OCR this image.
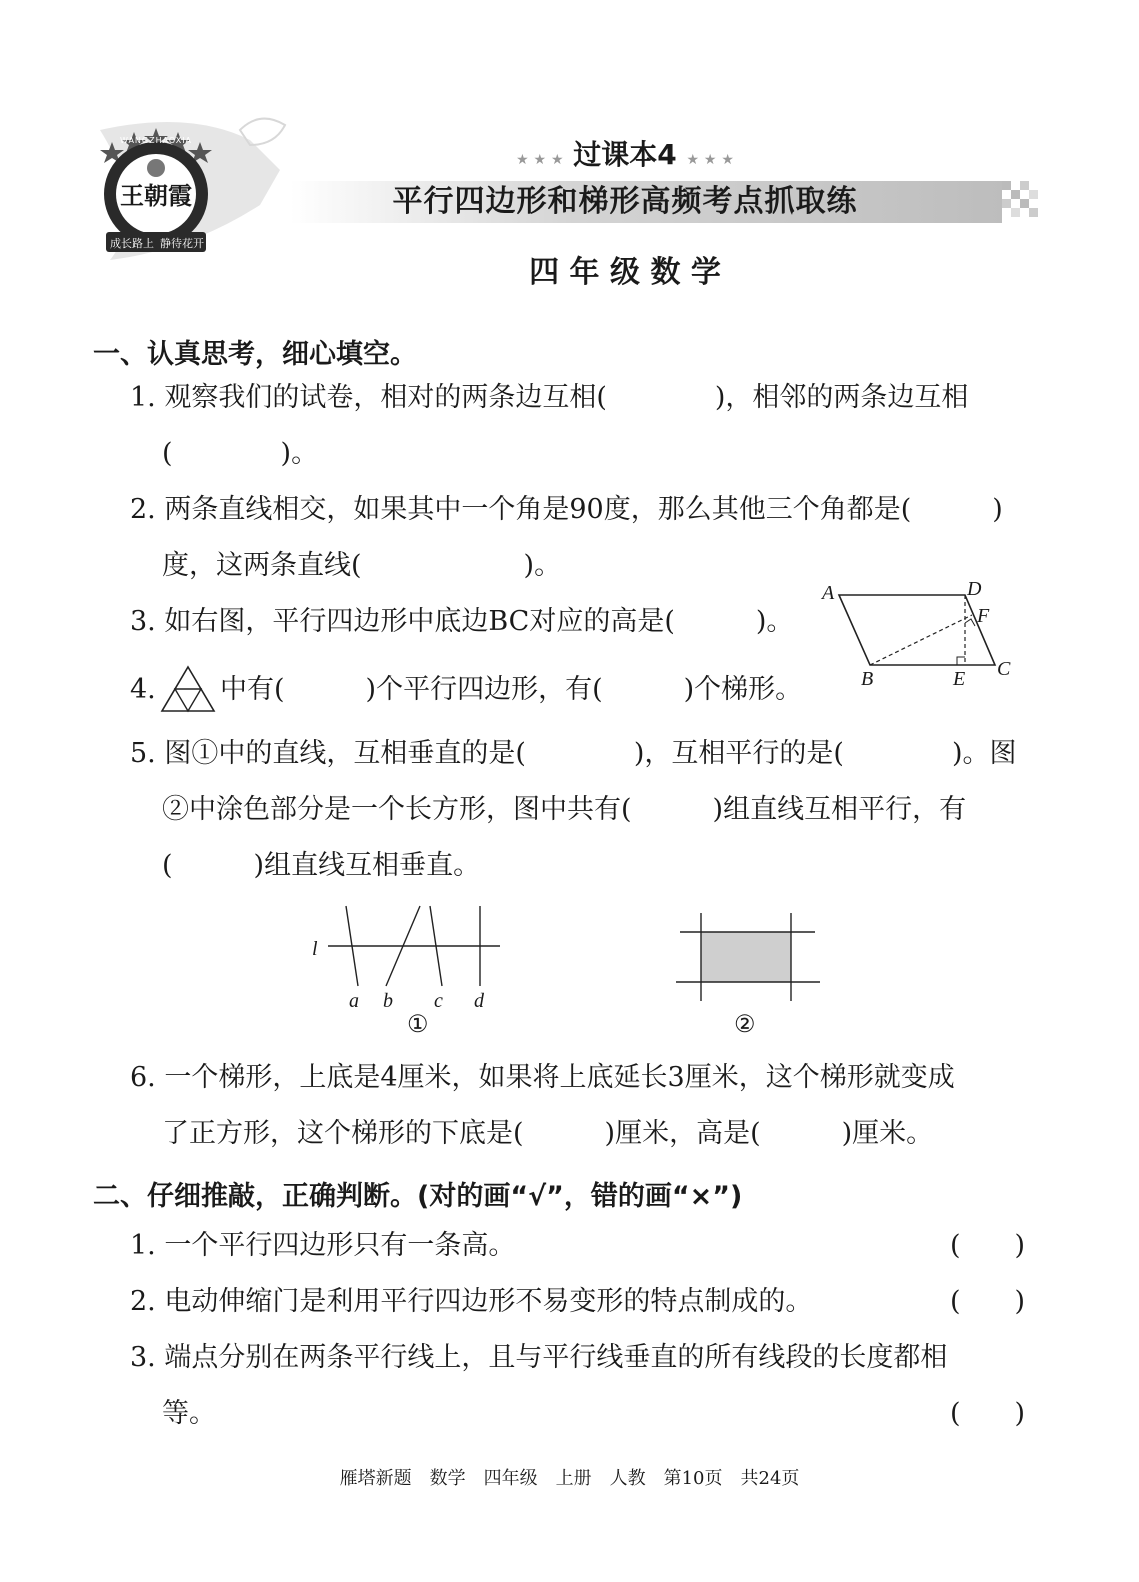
王朝霞
WANGZHAOXIA
成长路上 静待花开
★ ★ ★ 过课本4 ★ ★ ★
平行四边形和梯形高频考点抓取练
四 年 级 数 学
一、认真思考，细心填空。
1. 观察我们的试卷，相对的两条边互相(　　　　)，相邻的两条边互相
(　　　　)。
2. 两条直线相交，如果其中一个角是90度，那么其他三个角都是(　　　)
度，这两条直线(　　　　　　)。
3. 如右图，平行四边形中底边BC对应的高是(　　　)。
A	D
F
B	E C
4. 中有(　　　)个平行四边形，有(　　　)个梯形。
5. 图①中的直线，互相垂直的是(　　　　)，互相平行的是(　　　　)。图
②中涂色部分是一个长方形，图中共有(　　　)组直线互相平行，有
(　　　)组直线互相垂直。
l
a b c d
①	②
6. 一个梯形，上底是4厘米，如果将上底延长3厘米，这个梯形就变成
了正方形，这个梯形的下底是(　　　)厘米，高是(　　　)厘米。
二、仔细推敲，正确判断。(对的画“√”，错的画“×”)
1. 一个平行四边形只有一条高。	(　　)
2. 电动伸缩门是利用平行四边形不易变形的特点制成的。	(　　)
3. 端点分别在两条平行线上，且与平行线垂直的所有线段的长度都相
等。	(　　)
雁塔新题　数学　四年级　上册　人教　第10页　共24页
